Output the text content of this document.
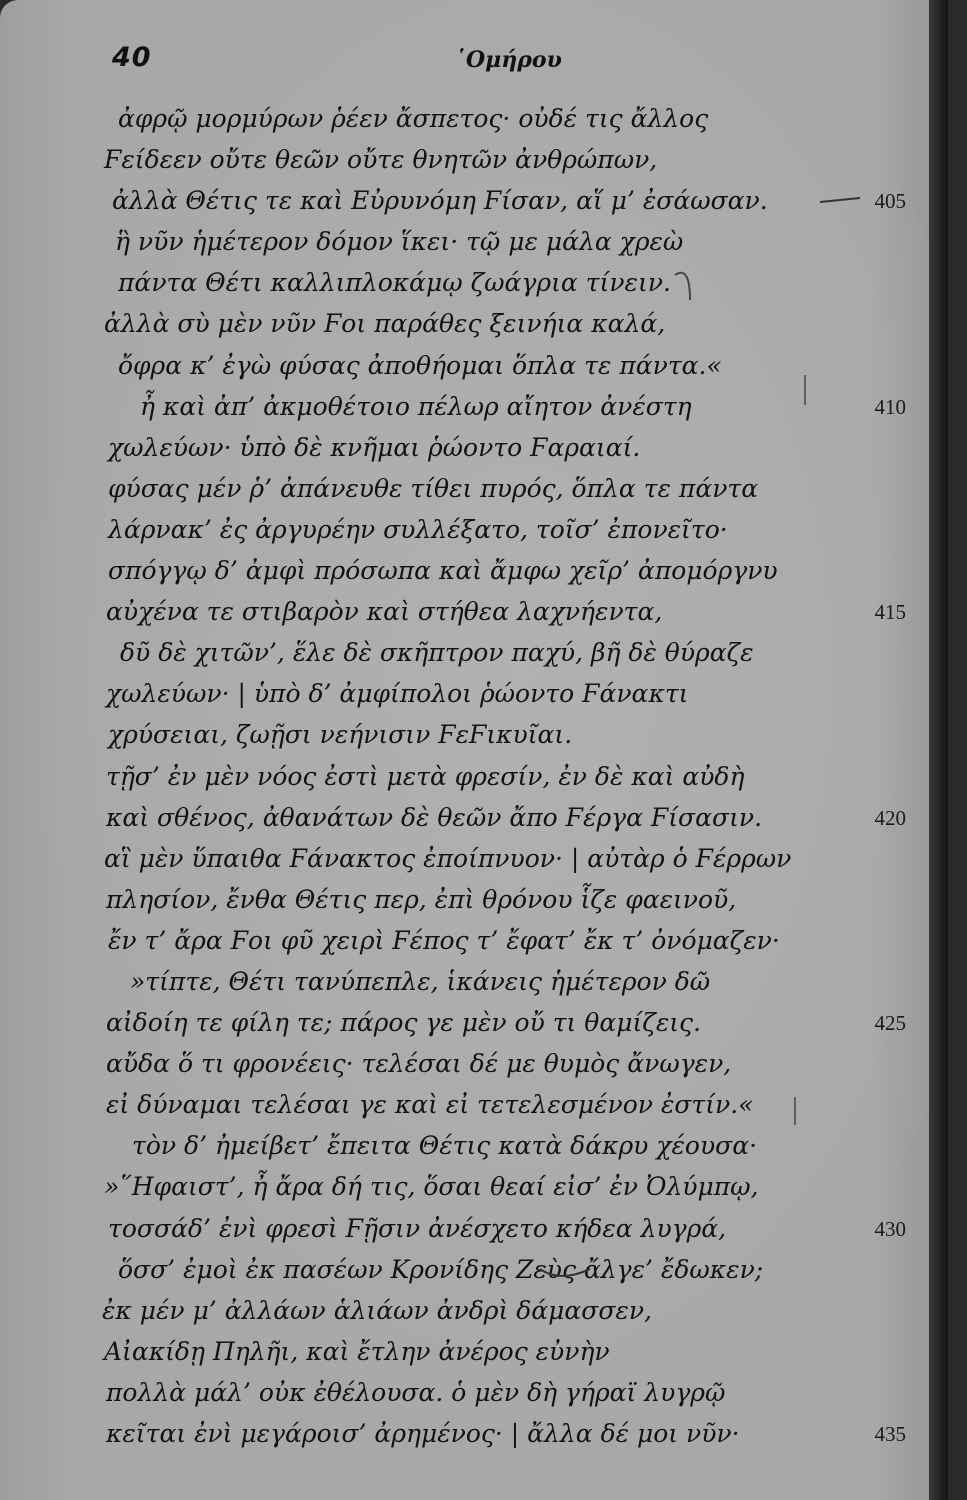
40	῾Ομήρου
ἀφρῷ μορμύρων ῥέεν ἄσπετος· οὐδέ τις ἄλλος
Ϝείδεεν οὔτε θεῶν οὔτε θνητῶν ἀνθρώπων,
ἀλλὰ Θέτις τε καὶ Εὐρυνόμη Ϝίσαν, αἵ μ’ ἐσάωσαν.	405
ἣ νῦν ἡμέτερον δόμον ἵκει· τῷ με μάλα χρεὼ
πάντα Θέτι καλλιπλοκάμῳ ζωάγρια τίνειν.
ἀλλὰ σὺ μὲν νῦν Ϝοι παράθες ξεινήια καλά,
ὄφρα κ’ ἐγὼ φύσας ἀποθήομαι ὅπλα τε πάντα.«
ἦ καὶ ἀπ’ ἀκμοθέτοιο πέλωρ αἴητον ἀνέστη	410
χωλεύων· ὑπὸ δὲ κνῆμαι ῥώοντο Ϝαραιαί.
φύσας μέν ῥ’ ἀπάνευθε τίθει πυρός, ὅπλα τε πάντα
λάρνακ’ ἐς ἀργυρέην συλλέξατο, τοῖσ’ ἐπονεῖτο·
σπόγγῳ δ’ ἀμφὶ πρόσωπα καὶ ἄμφω χεῖρ’ ἀπομόργνυ
αὐχένα τε στιβαρὸν καὶ στήθεα λαχνήεντα,	415
δῦ δὲ χιτῶν’, ἕλε δὲ σκῆπτρον παχύ, βῆ δὲ θύραζε
χωλεύων· | ὑπὸ δ’ ἀμφίπολοι ῥώοντο Ϝάνακτι
χρύσειαι, ζωῇσι νεήνισιν ϜεϜικυῖαι.
τῇσ’ ἐν μὲν νόος ἐστὶ μετὰ φρεσίν, ἐν δὲ καὶ αὐδὴ
καὶ σθένος, ἀθανάτων δὲ θεῶν ἄπο Ϝέργα Ϝίσασιν.	420
αἳ μὲν ὕπαιθα Ϝάνακτος ἐποίπνυον· | αὐτὰρ ὁ Ϝέρρων
πλησίον, ἔνθα Θέτις περ, ἐπὶ θρόνου ἷζε φαεινοῦ,
ἔν τ’ ἄρα Ϝοι φῦ χειρὶ Ϝέπος τ’ ἔφατ’ ἔκ τ’ ὀνόμαζεν·
»τίπτε, Θέτι τανύπεπλε, ἱκάνεις ἡμέτερον δῶ
αἰδοίη τε φίλη τε; πάρος γε μὲν οὔ τι θαμίζεις.	425
αὔδα ὅ τι φρονέεις· τελέσαι δέ με θυμὸς ἄνωγεν,
εἰ δύναμαι τελέσαι γε καὶ εἰ τετελεσμένον ἐστίν.«
τὸν δ’ ἠμείβετ’ ἔπειτα Θέτις κατὰ δάκρυ χέουσα·
»῞Ηφαιστ’, ἦ ἄρα δή τις, ὅσαι θεαί εἰσ’ ἐν Ὀλύμπῳ,
τοσσάδ’ ἐνὶ φρεσὶ Ϝῇσιν ἀνέσχετο κήδεα λυγρά,	430
ὅσσ’ ἐμοὶ ἐκ πασέων Κρονίδης Ζεὺς ἄλγε’ ἔδωκεν;
ἐκ μέν μ’ ἀλλάων ἁλιάων ἀνδρὶ δάμασσεν,
Αἰακίδῃ Πηλῆι, καὶ ἔτλην ἀνέρος εὐνὴν
πολλὰ μάλ’ οὐκ ἐθέλουσα. ὁ μὲν δὴ γήραϊ λυγρῷ
κεῖται ἐνὶ μεγάροισ’ ἀρημένος· | ἄλλα δέ μοι νῦν·	435
